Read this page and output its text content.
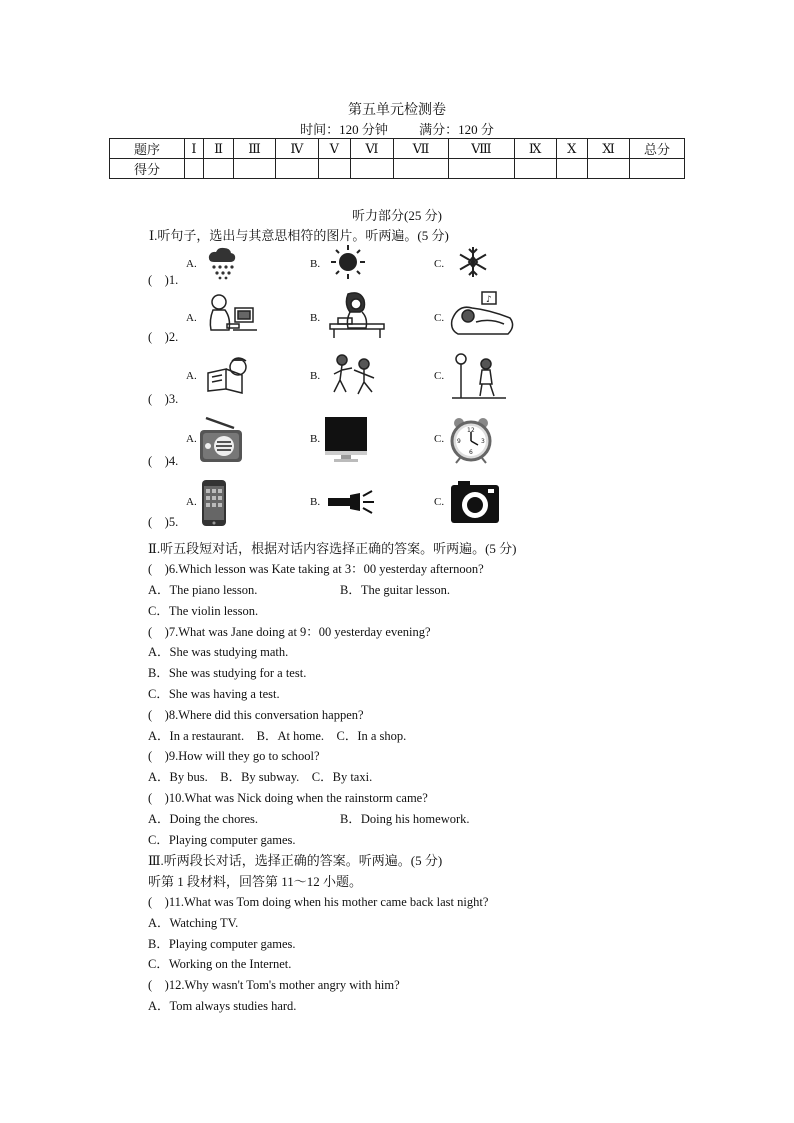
第五单元检测卷
时间：120 分钟 满分：120 分
题序	Ⅰ	Ⅱ	Ⅲ	Ⅳ	Ⅴ	Ⅵ	Ⅶ	Ⅷ	Ⅸ	Ⅹ	Ⅺ	总分
得分												
听力部分(25 分)
Ⅰ.听句子，选出与其意思相符的图片。听两遍。(5 分)
A.	B.	C.
(　)1.
A.	B.	C.
(　)2.
♪
A.	B.	C.
(　)3.
A.	B.	C.
(　)4.
12
3
6
9
A.	B.	C.
(　)5.
Ⅱ.听五段短对话，根据对话内容选择正确的答案。听两遍。(5 分)
(　)6.Which lesson was Kate taking at 3：00 yesterday afternoon?
A．The piano lesson.	B．The guitar lesson.
C．The violin lesson.
(　)7.What was Jane doing at 9：00 yesterday evening?
A．She was studying math.
B．She was studying for a test.
C．She was having a test.
(　)8.Where did this conversation happen?
A．In a restaurant.　B．At home.　C．In a shop.
(　)9.How will they go to school?
A．By bus.　B．By subway.　C．By taxi.
(　)10.What was Nick doing when the rainstorm came?
A．Doing the chores.	B．Doing his homework.
C．Playing computer games.
Ⅲ.听两段长对话，选择正确的答案。听两遍。(5 分)
听第 1 段材料，回答第 11～12 小题。
(　)11.What was Tom doing when his mother came back last night?
A．Watching TV.
B．Playing computer games.
C．Working on the Internet.
(　)12.Why wasn't Tom's mother angry with him?
A．Tom always studies hard.
